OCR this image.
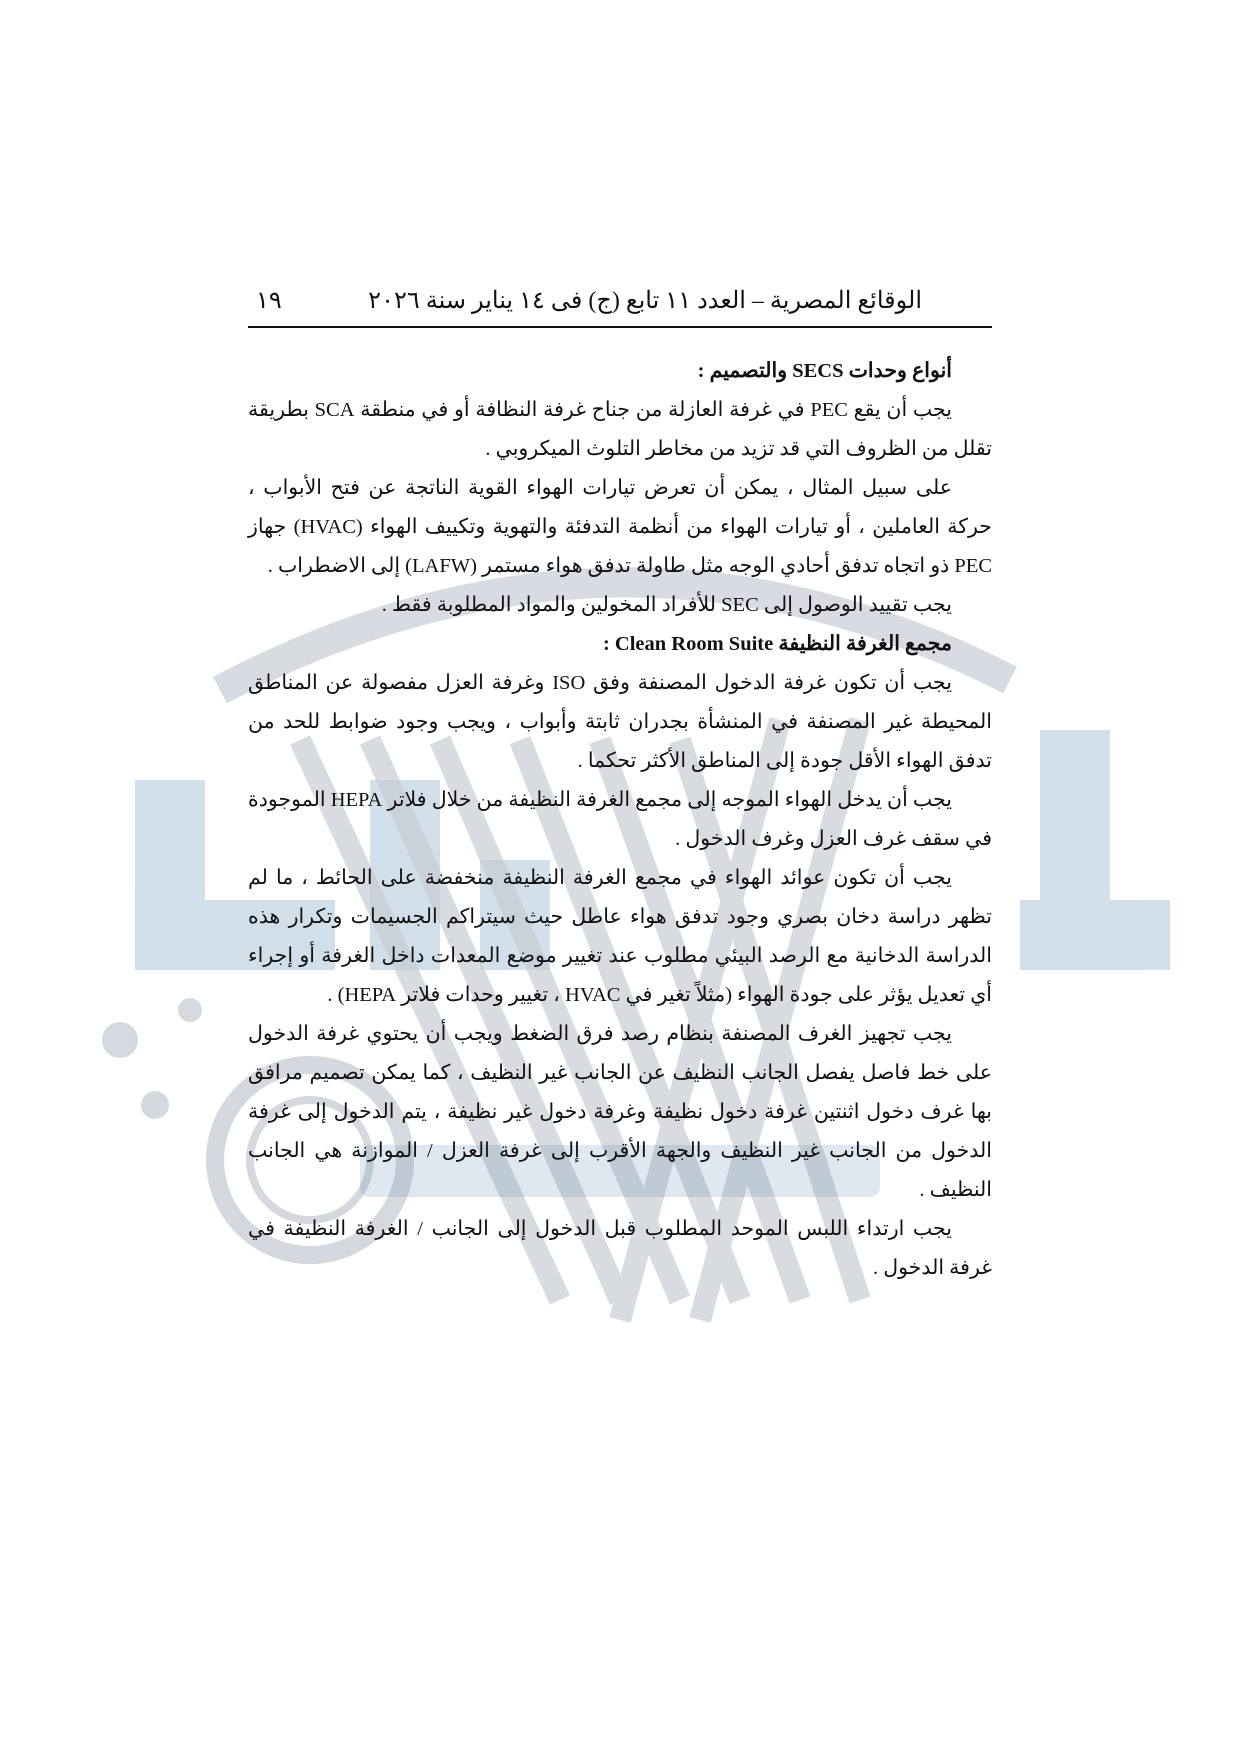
الوقائع المصرية – العدد ١١ تابع (ج) فى ١٤ يناير سنة ٢٠٢٦
١٩

أنواع وحدات SECS والتصميم :

يجب أن يقع PEC في غرفة العازلة من جناح غرفة النظافة أو في منطقة SCA بطريقة تقلل من الظروف التي قد تزيد من مخاطر التلوث الميكروبي .

على سبيل المثال ، يمكن أن تعرض تيارات الهواء القوية الناتجة عن فتح الأبواب ، حركة العاملين ، أو تيارات الهواء من أنظمة التدفئة والتهوية وتكييف الهواء (HVAC) جهاز PEC ذو اتجاه تدفق أحادي الوجه مثل طاولة تدفق هواء مستمر (LAFW) إلى الاضطراب .

يجب تقييد الوصول إلى SEC للأفراد المخولين والمواد المطلوبة فقط .

مجمع الغرفة النظيفة Clean Room Suite :

يجب أن تكون غرفة الدخول المصنفة وفق ISO وغرفة العزل مفصولة عن المناطق المحيطة غير المصنفة في المنشأة بجدران ثابتة وأبواب ، ويجب وجود ضوابط للحد من تدفق الهواء الأقل جودة إلى المناطق الأكثر تحكما .

يجب أن يدخل الهواء الموجه إلى مجمع الغرفة النظيفة من خلال فلاتر HEPA الموجودة في سقف غرف العزل وغرف الدخول .

يجب أن تكون عوائد الهواء في مجمع الغرفة النظيفة منخفضة على الحائط ، ما لم تظهر دراسة دخان بصري وجود تدفق هواء عاطل حيث سيتراكم الجسيمات وتكرار هذه الدراسة الدخانية مع الرصد البيئي مطلوب عند تغيير موضع المعدات داخل الغرفة أو إجراء أي تعديل يؤثر على جودة الهواء (مثلاً تغير في HVAC ، تغيير وحدات فلاتر HEPA) .

يجب تجهيز الغرف المصنفة بنظام رصد فرق الضغط ويجب أن يحتوي غرفة الدخول على خط فاصل يفصل الجانب النظيف عن الجانب غير النظيف ، كما يمكن تصميم مرافق بها غرف دخول اثنتين غرفة دخول نظيفة وغرفة دخول غير نظيفة ، يتم الدخول إلى غرفة الدخول من الجانب غير النظيف والجهة الأقرب إلى غرفة العزل / الموازنة هي الجانب النظيف .

يجب ارتداء اللبس الموحد المطلوب قبل الدخول إلى الجانب / الغرفة النظيفة في غرفة الدخول .
